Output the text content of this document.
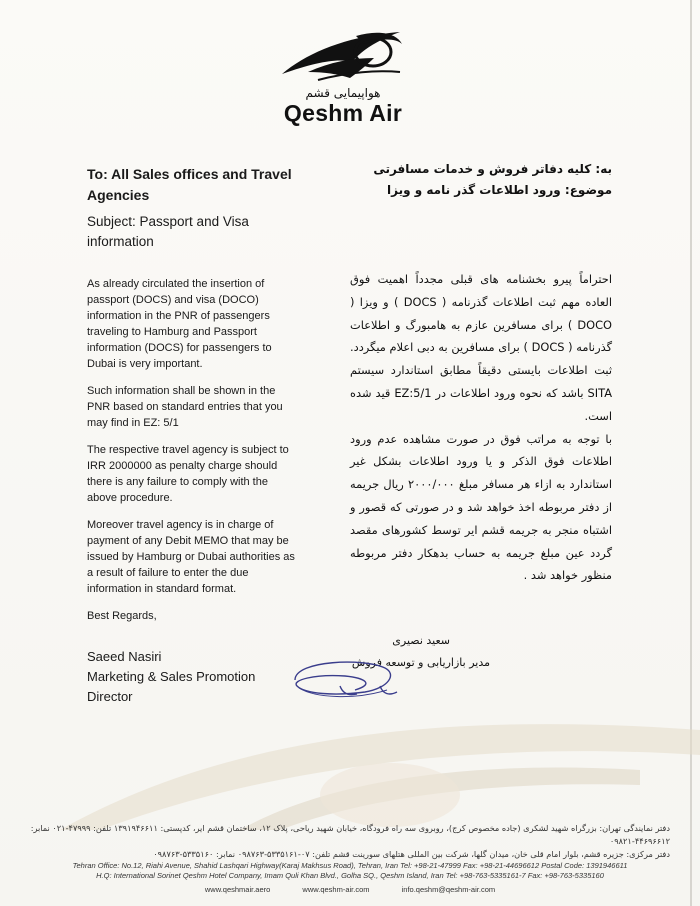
هواپیمایی قشم
Qeshm Air
To: All Sales offices and Travel Agencies
Subject: Passport and Visa information

As already circulated the insertion of passport (DOCS) and visa (DOCO) information in the PNR of passengers traveling to Hamburg and Passport information (DOCS) for passengers to Dubai is very important.

Such information shall be shown in the PNR based on standard entries that you may find in EZ: 5/1

The respective travel agency is subject to IRR 2000000 as penalty charge should there is any failure to comply with the above procedure.

Moreover travel agency is in charge of payment of any Debit MEMO that may be issued by Hamburg or Dubai authorities as a result of failure to enter the due information in standard format.

Best Regards,

به: کلیه دفاتر فروش و خدمات مسافرتی
موضوع: ورود اطلاعات گذر نامه و ویزا
احتراماً پیرو بخشنامه های قبلی مجدداً اهمیت فوق العاده مهم ثبت اطلاعات گذرنامه ( DOCS ) و ویزا ( DOCO ) برای مسافرین عازم به هامبورگ و اطلاعات گذرنامه ( DOCS ) برای مسافرین به دبی اعلام میگردد. ثبت اطلاعات بایستی دقیقاً مطابق استاندارد سیستم SITA باشد که نحوه ورود اطلاعات در EZ:5/1 قید شده است.
با توجه به مراتب فوق در صورت مشاهده عدم ورود اطلاعات فوق الذکر و یا ورود اطلاعات بشکل غیر استاندارد به ازاء هر مسافر مبلغ ۲۰۰۰/۰۰۰ ریال جریمه از دفتر مربوطه اخذ خواهد شد و در صورتی که قصور و اشتباه منجر به جریمه قشم ایر توسط کشورهای مقصد گردد عین مبلغ جریمه به حساب بدهکار دفتر مربوطه منظور خواهد شد .
Saeed Nasiri
Marketing & Sales Promotion Director
سعید نصیری
مدیر بازاریابی و توسعه فروش
دفتر نمایندگی تهران: بزرگراه شهید لشکری (جاده مخصوص کرج)، روبروی سه راه فرودگاه، خیابان شهید ریاحی، پلاک ۱۲، ساختمان قشم ایر، کدپستی: ۱۳۹۱۹۴۶۶۱۱ تلفن: ۴۷۹۹۹-۰۲۱ نمابر: ۴۴۶۹۶۶۱۲-۰۹۸۲۱
دفتر مرکزی: جزیره قشم، بلوار امام قلی خان، میدان گلها، شرکت بین المللی هتلهای سورینت قشم تلفن: ۰۷-۵۳۳۵۱۶۱-۰۹۸۷۶۳ نمابر: ۵۳۳۵۱۶۰-۰۹۸۷۶۳
Tehran Office: No.12, Riahi Avenue, Shahid Lashqari Highway(Karaj Makhsus Road), Tehran, Iran Tel: +98-21-47999 Fax: +98-21-44696612 Postal Code: 1391946611
H.Q: International Sorinet Qeshm Hotel Company, Imam Quli Khan Blvd., Golha SQ., Qeshm Island, Iran Tel: +98-763-5335161-7 Fax: +98-763-5335160
www.qeshmair.aero	www.qeshm-air.com	info.qeshm@qeshm-air.com
